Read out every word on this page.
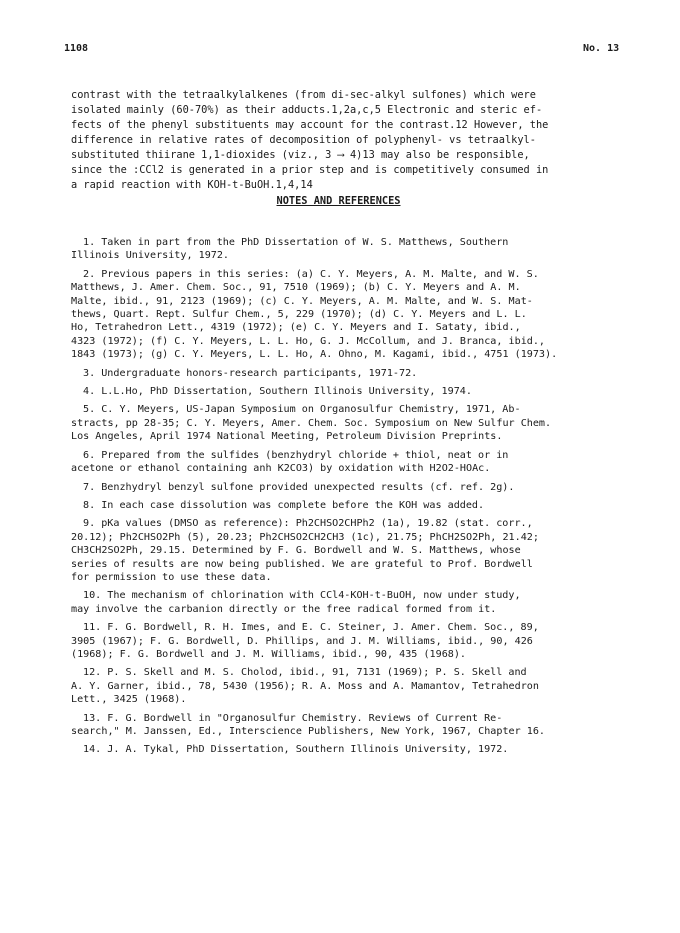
1108	No. 13
contrast with the tetraalkylalkenes (from di-sec-alkyl sulfones) which were
isolated mainly (60-70%) as their adducts.1,2a,c,5 Electronic and steric ef-
fects of the phenyl substituents may account for the contrast.12 However, the
difference in relative rates of decomposition of polyphenyl- vs tetraalkyl-
substituted thiirane 1,1-dioxides (viz., 3 ⟶ 4)13 may also be responsible,
since the :CCl2 is generated in a prior step and is competitively consumed in
a rapid reaction with KOH-t-BuOH.1,4,14
NOTES AND REFERENCES
1. Taken in part from the PhD Dissertation of W. S. Matthews, Southern
Illinois University, 1972.
2. Previous papers in this series: (a) C. Y. Meyers, A. M. Malte, and W. S.
Matthews, J. Amer. Chem. Soc., 91, 7510 (1969); (b) C. Y. Meyers and A. M.
Malte, ibid., 91, 2123 (1969); (c) C. Y. Meyers, A. M. Malte, and W. S. Mat-
thews, Quart. Rept. Sulfur Chem., 5, 229 (1970); (d) C. Y. Meyers and L. L.
Ho, Tetrahedron Lett., 4319 (1972); (e) C. Y. Meyers and I. Sataty, ibid.,
4323 (1972); (f) C. Y. Meyers, L. L. Ho, G. J. McCollum, and J. Branca, ibid.,
1843 (1973); (g) C. Y. Meyers, L. L. Ho, A. Ohno, M. Kagami, ibid., 4751 (1973).
3. Undergraduate honors-research participants, 1971-72.
4. L.L.Ho, PhD Dissertation, Southern Illinois University, 1974.
5. C. Y. Meyers, US-Japan Symposium on Organosulfur Chemistry, 1971, Ab-
stracts, pp 28-35; C. Y. Meyers, Amer. Chem. Soc. Symposium on New Sulfur Chem.
Los Angeles, April 1974 National Meeting, Petroleum Division Preprints.
6. Prepared from the sulfides (benzhydryl chloride + thiol, neat or in
acetone or ethanol containing anh K2CO3) by oxidation with H2O2-HOAc.
7. Benzhydryl benzyl sulfone provided unexpected results (cf. ref. 2g).
8. In each case dissolution was complete before the KOH was added.
9. pKa values (DMSO as reference): Ph2CHSO2CHPh2 (1a), 19.82 (stat. corr.,
20.12); Ph2CHSO2Ph (5), 20.23; Ph2CHSO2CH2CH3 (1c), 21.75; PhCH2SO2Ph, 21.42;
CH3CH2SO2Ph, 29.15. Determined by F. G. Bordwell and W. S. Matthews, whose
series of results are now being published. We are grateful to Prof. Bordwell
for permission to use these data.
10. The mechanism of chlorination with CCl4-KOH-t-BuOH, now under study,
may involve the carbanion directly or the free radical formed from it.
11. F. G. Bordwell, R. H. Imes, and E. C. Steiner, J. Amer. Chem. Soc., 89,
3905 (1967); F. G. Bordwell, D. Phillips, and J. M. Williams, ibid., 90, 426
(1968); F. G. Bordwell and J. M. Williams, ibid., 90, 435 (1968).
12. P. S. Skell and M. S. Cholod, ibid., 91, 7131 (1969); P. S. Skell and
A. Y. Garner, ibid., 78, 5430 (1956); R. A. Moss and A. Mamantov, Tetrahedron
Lett., 3425 (1968).
13. F. G. Bordwell in "Organosulfur Chemistry. Reviews of Current Re-
search," M. Janssen, Ed., Interscience Publishers, New York, 1967, Chapter 16.
14. J. A. Tykal, PhD Dissertation, Southern Illinois University, 1972.
